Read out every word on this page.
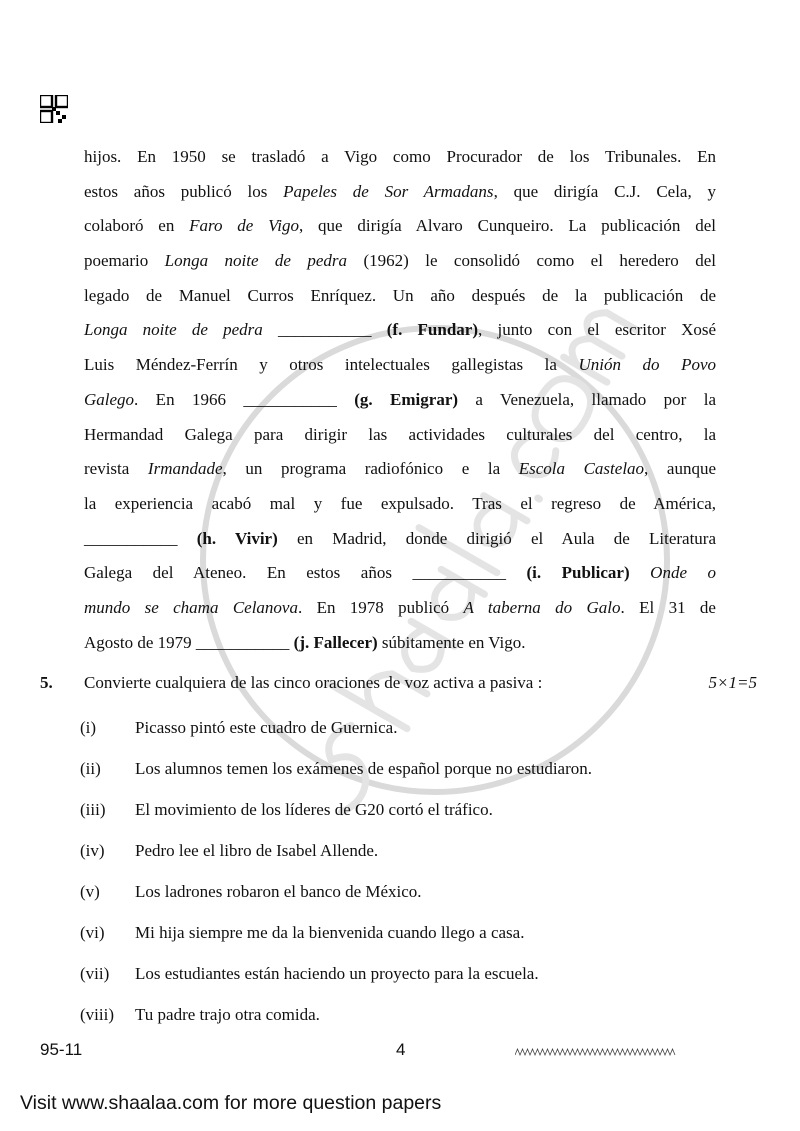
hijos. En 1950 se trasladó a Vigo como Procurador de los Tribunales. En
estos años publicó los Papeles de Sor Armadans, que dirigía C.J. Cela, y
colaboró en Faro de Vigo, que dirigía Alvaro Cunqueiro. La publicación del
poemario Longa noite de pedra (1962) le consolidó como el heredero del
legado de Manuel Curros Enríquez. Un año después de la publicación de
Longa noite de pedra ___________ (f. Fundar), junto con el escritor Xosé
Luis Méndez-Ferrín y otros intelectuales gallegistas la Unión do Povo
Galego. En 1966 ___________ (g. Emigrar) a Venezuela, llamado por la
Hermandad Galega para dirigir las actividades culturales del centro, la
revista Irmandade, un programa radiofónico e la Escola Castelao, aunque
la experiencia acabó mal y fue expulsado. Tras el regreso de América,
___________ (h. Vivir) en Madrid, donde dirigió el Aula de Literatura
Galega del Ateneo. En estos años ___________ (i. Publicar) Onde o
mundo se chama Celanova. En 1978 publicó A taberna do Galo. El 31 de
Agosto de 1979 ___________ (j. Fallecer) súbitamente en Vigo.
5. Convierte cualquiera de las cinco oraciones de voz activa a pasiva :	5×1=5
(i)	Picasso pintó este cuadro de Guernica.
(ii)	Los alumnos temen los exámenes de español porque no estudiaron.
(iii)	El movimiento de los líderes de G20 cortó el tráfico.
(iv)	Pedro lee el libro de Isabel Allende.
(v)	Los ladrones robaron el banco de México.
(vi)	Mi hija siempre me da la bienvenida cuando llego a casa.
(vii)	Los estudiantes están haciendo un proyecto para la escuela.
(viii)	Tu padre trajo otra comida.
95-11	4
Visit www.shaalaa.com for more question papers
